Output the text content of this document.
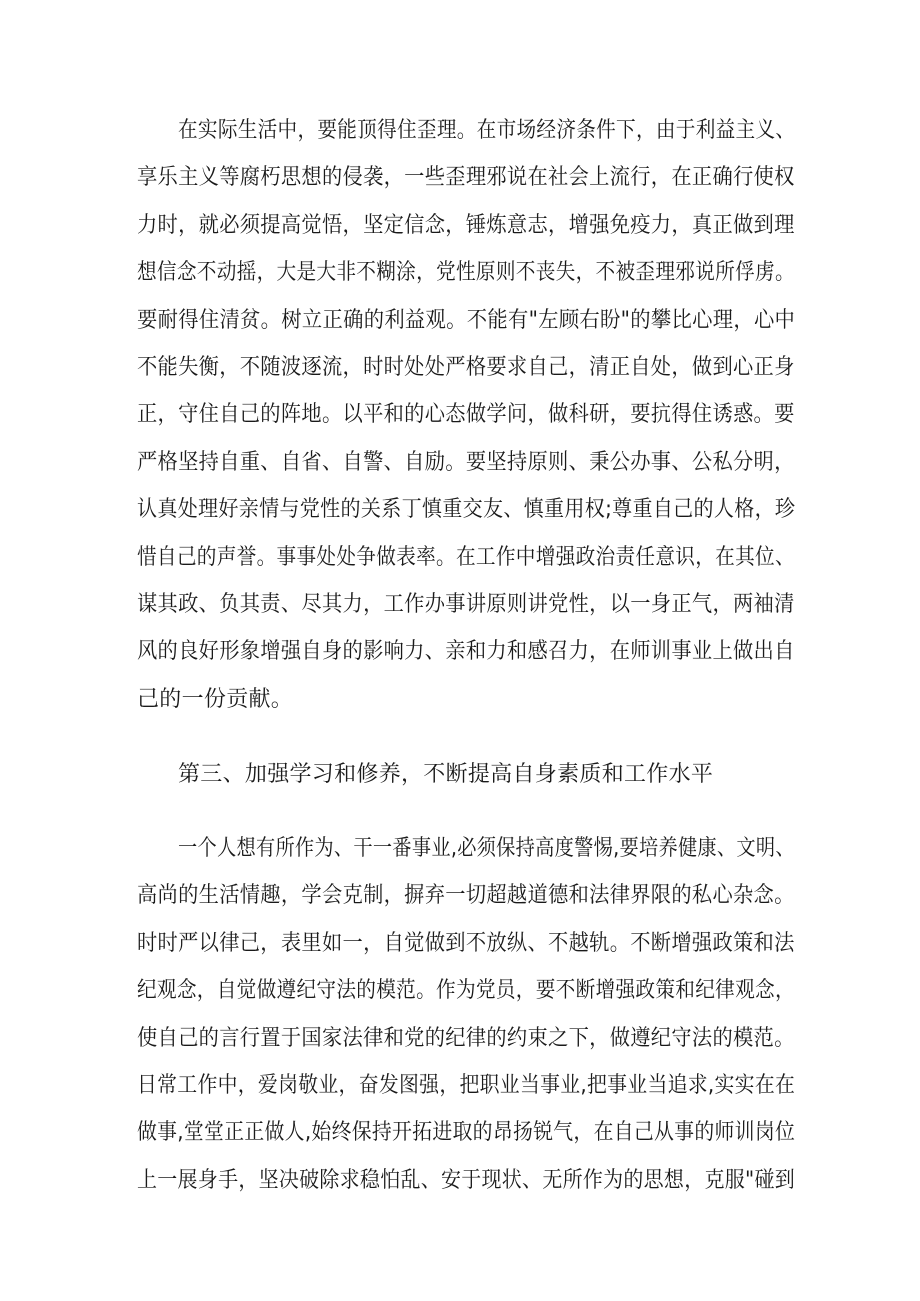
在实际生活中，要能顶得住歪理。在市场经济条件下，由于利益主义、
享乐主义等腐朽思想的侵袭，一些歪理邪说在社会上流行，在正确行使权
力时，就必须提高觉悟，坚定信念，锤炼意志，增强免疫力，真正做到理
想信念不动摇，大是大非不糊涂，党性原则不丧失，不被歪理邪说所俘虏。
要耐得住清贫。树立正确的利益观。不能有"左顾右盼"的攀比心理，心中
不能失衡，不随波逐流，时时处处严格要求自己，清正自处，做到心正身
正，守住自己的阵地。以平和的心态做学问，做科研，要抗得住诱惑。要
严格坚持自重、自省、自警、自励。要坚持原则、秉公办事、公私分明，
认真处理好亲情与党性的关系丁慎重交友、慎重用权;尊重自己的人格，珍
惜自己的声誉。事事处处争做表率。在工作中增强政治责任意识，在其位、
谋其政、负其责、尽其力，工作办事讲原则讲党性，以一身正气，两袖清
风的良好形象增强自身的影响力、亲和力和感召力，在师训事业上做出自
己的一份贡献。
第三、加强学习和修养，不断提高自身素质和工作水平
一个人想有所作为、干一番事业,必须保持高度警惕,要培养健康、文明、
高尚的生活情趣，学会克制，摒弃一切超越道德和法律界限的私心杂念。
时时严以律己，表里如一，自觉做到不放纵、不越轨。不断增强政策和法
纪观念，自觉做遵纪守法的模范。作为党员，要不断增强政策和纪律观念，
使自己的言行置于国家法律和党的纪律的约束之下，做遵纪守法的模范。
日常工作中，爱岗敬业，奋发图强，把职业当事业,把事业当追求,实实在在
做事,堂堂正正做人,始终保持开拓进取的昂扬锐气，在自己从事的师训岗位
上一展身手，坚决破除求稳怕乱、安于现状、无所作为的思想，克服"碰到
